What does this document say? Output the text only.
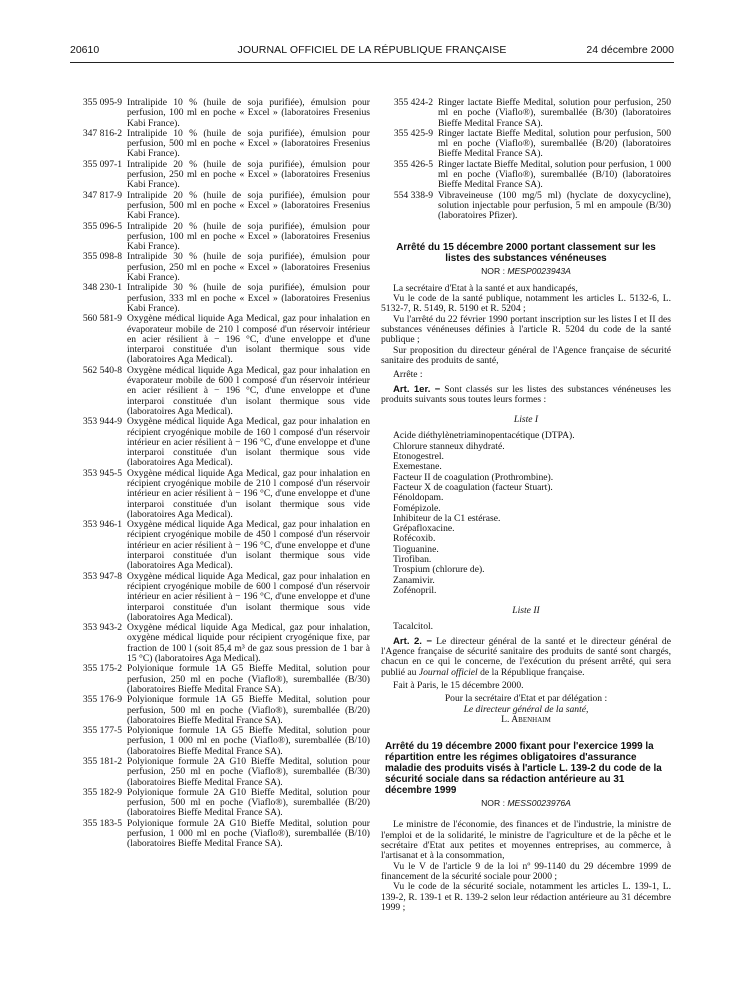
20610	JOURNAL OFFICIEL DE LA RÉPUBLIQUE FRANÇAISE	24 décembre 2000
355 095-9 Intralipide 10 % (huile de soja purifiée), émulsion pour perfusion, 100 ml en poche « Excel » (laboratoires Fresenius Kabi France).
347 816-2 Intralipide 10 % (huile de soja purifiée), émulsion pour perfusion, 500 ml en poche « Excel » (laboratoires Fresenius Kabi France).
355 097-1 Intralipide 20 % (huile de soja purifiée), émulsion pour perfusion, 250 ml en poche « Excel » (laboratoires Fresenius Kabi France).
347 817-9 Intralipide 20 % (huile de soja purifiée), émulsion pour perfusion, 500 ml en poche « Excel » (laboratoires Fresenius Kabi France).
355 096-5 Intralipide 20 % (huile de soja purifiée), émulsion pour perfusion, 100 ml en poche « Excel » (laboratoires Fresenius Kabi France).
355 098-8 Intralipide 30 % (huile de soja purifiée), émulsion pour perfusion, 250 ml en poche « Excel » (laboratoires Fresenius Kabi France).
348 230-1 Intralipide 30 % (huile de soja purifiée), émulsion pour perfusion, 333 ml en poche « Excel » (laboratoires Fresenius Kabi France).
560 581-9 Oxygène médical liquide Aga Medical, gaz pour inhalation en évaporateur mobile de 210 l composé d'un réservoir intérieur en acier résilient à − 196 °C, d'une enveloppe et d'une interparoi constituée d'un isolant thermique sous vide (laboratoires Aga Medical).
562 540-8 Oxygène médical liquide Aga Medical, gaz pour inhalation en évaporateur mobile de 600 l composé d'un réservoir intérieur en acier résilient à − 196 °C, d'une enveloppe et d'une interparoi constituée d'un isolant thermique sous vide (laboratoires Aga Medical).
353 944-9 Oxygène médical liquide Aga Medical, gaz pour inhalation en récipient cryogénique mobile de 160 l composé d'un réservoir intérieur en acier résilient à − 196 °C, d'une enveloppe et d'une interparoi constituée d'un isolant thermique sous vide (laboratoires Aga Medical).
353 945-5 Oxygène médical liquide Aga Medical, gaz pour inhalation en récipient cryogénique mobile de 210 l composé d'un réservoir intérieur en acier résilient à − 196 °C, d'une enveloppe et d'une interparoi constituée d'un isolant thermique sous vide (laboratoires Aga Medical).
353 946-1 Oxygène médical liquide Aga Medical, gaz pour inhalation en récipient cryogénique mobile de 450 l composé d'un réservoir intérieur en acier résilient à − 196 °C, d'une enveloppe et d'une interparoi constituée d'un isolant thermique sous vide (laboratoires Aga Medical).
353 947-8 Oxygène médical liquide Aga Medical, gaz pour inhalation en récipient cryogénique mobile de 600 l composé d'un réservoir intérieur en acier résilient à − 196 °C, d'une enveloppe et d'une interparoi constituée d'un isolant thermique sous vide (laboratoires Aga Medical).
353 943-2 Oxygène médical liquide Aga Medical, gaz pour inhalation, oxygène médical liquide pour récipient cryogénique fixe, par fraction de 100 l (soit 85,4 m³ de gaz sous pression de 1 bar à 15 °C) (laboratoires Aga Medical).
355 175-2 Polyionique formule 1A G5 Bieffe Medital, solution pour perfusion, 250 ml en poche (Viaflo®), suremballée (B/30) (laboratoires Bieffe Medital France SA).
355 176-9 Polyionique formule 1A G5 Bieffe Medital, solution pour perfusion, 500 ml en poche (Viaflo®), suremballée (B/20) (laboratoires Bieffe Medital France SA).
355 177-5 Polyionique formule 1A G5 Bieffe Medital, solution pour perfusion, 1 000 ml en poche (Viaflo®), suremballée (B/10) (laboratoires Bieffe Medital France SA).
355 181-2 Polyionique formule 2A G10 Bieffe Medital, solution pour perfusion, 250 ml en poche (Viaflo®), suremballée (B/30) (laboratoires Bieffe Medital France SA).
355 182-9 Polyionique formule 2A G10 Bieffe Medital, solution pour perfusion, 500 ml en poche (Viaflo®), suremballée (B/20) (laboratoires Bieffe Medital France SA).
355 183-5 Polyionique formule 2A G10 Bieffe Medital, solution pour perfusion, 1 000 ml en poche (Viaflo®), suremballée (B/10) (laboratoires Bieffe Medital France SA).
355 424-2 Ringer lactate Bieffe Medital, solution pour perfusion, 250 ml en poche (Viaflo®), suremballée (B/30) (laboratoires Bieffe Medital France SA).
355 425-9 Ringer lactate Bieffe Medital, solution pour perfusion, 500 ml en poche (Viaflo®), suremballée (B/20) (laboratoires Bieffe Medital France SA).
355 426-5 Ringer lactate Bieffe Medital, solution pour perfusion, 1 000 ml en poche (Viaflo®), suremballée (B/10) (laboratoires Bieffe Medital France SA).
554 338-9 Vibraveineuse (100 mg/5 ml) (hyclate de doxycycline), solution injectable pour perfusion, 5 ml en ampoule (B/30) (laboratoires Pfizer).
Arrêté du 15 décembre 2000 portant classement sur les listes des substances vénéneuses
NOR : MESP0023943A

La secrétaire d'Etat à la santé et aux handicapés,

Vu le code de la santé publique, notamment les articles L. 5132-6, L. 5132-7, R. 5149, R. 5190 et R. 5204 ;

Vu l'arrêté du 22 février 1990 portant inscription sur les listes I et II des substances vénéneuses définies à l'article R. 5204 du code de la santé publique ;

Sur proposition du directeur général de l'Agence française de sécurité sanitaire des produits de santé,

Arrête :

Art. 1er. − Sont classés sur les listes des substances vénéneuses les produits suivants sous toutes leurs formes :

Liste I

Acide diéthylènetriaminopentacétique (DTPA).
Chlorure stanneux dihydraté.
Etonogestrel.
Exemestane.
Facteur II de coagulation (Prothrombine).
Facteur X de coagulation (facteur Stuart).
Fénoldopam.
Fomépizole.
Inhibiteur de la C1 estérase.
Grépafloxacine.
Rofécoxib.
Tioguanine.
Tirofiban.
Trospium (chlorure de).
Zanamivir.
Zofénopril.

Liste II

Tacalcitol.

Art. 2. − Le directeur général de la santé et le directeur général de l'Agence française de sécurité sanitaire des produits de santé sont chargés, chacun en ce qui le concerne, de l'exécution du présent arrêté, qui sera publié au Journal officiel de la République française.

Fait à Paris, le 15 décembre 2000.

Pour la secrétaire d'Etat et par délégation :

Le directeur général de la santé,

L. Abenhaim

Arrêté du 19 décembre 2000 fixant pour l'exercice 1999 la répartition entre les régimes obligatoires d'assurance maladie des produits visés à l'article L. 139-2 du code de la sécurité sociale dans sa rédaction antérieure au 31 décembre 1999
NOR : MESS0023976A

Le ministre de l'économie, des finances et de l'industrie, la ministre de l'emploi et de la solidarité, le ministre de l'agriculture et de la pêche et le secrétaire d'Etat aux petites et moyennes entreprises, au commerce, à l'artisanat et à la consommation,

Vu le V de l'article 9 de la loi nº 99-1140 du 29 décembre 1999 de financement de la sécurité sociale pour 2000 ;

Vu le code de la sécurité sociale, notamment les articles L. 139-1, L. 139-2, R. 139-1 et R. 139-2 selon leur rédaction antérieure au 31 décembre 1999 ;
